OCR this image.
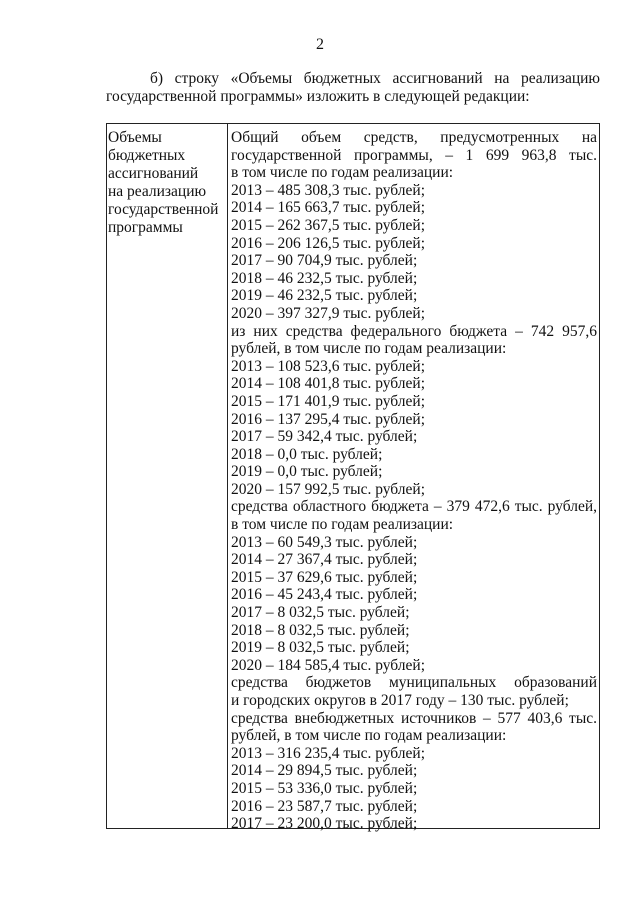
2
б) строку «Объемы бюджетных ассигнований на реализацию
государственной программы» изложить в следующей редакции:
Объемы
бюджетных
ассигнований
на реализацию
государственной
программы
Общий объем средств, предусмотренных на
государственной программы, – 1 699 963,8 тыс.
в том числе по годам реализации:
2013 – 485 308,3 тыс. рублей;
2014 – 165 663,7 тыс. рублей;
2015 – 262 367,5 тыс. рублей;
2016 – 206 126,5 тыс. рублей;
2017 – 90 704,9 тыс. рублей;
2018 – 46 232,5 тыс. рублей;
2019 – 46 232,5 тыс. рублей;
2020 – 397 327,9 тыс. рублей;
из них средства федерального бюджета – 742 957,6
рублей, в том числе по годам реализации:
2013 – 108 523,6 тыс. рублей;
2014 – 108 401,8 тыс. рублей;
2015 – 171 401,9 тыс. рублей;
2016 – 137 295,4 тыс. рублей;
2017 – 59 342,4 тыс. рублей;
2018 – 0,0 тыс. рублей;
2019 – 0,0 тыс. рублей;
2020 – 157 992,5 тыс. рублей;
средства областного бюджета – 379 472,6 тыс. рублей,
в том числе по годам реализации:
2013 – 60 549,3 тыс. рублей;
2014 – 27 367,4 тыс. рублей;
2015 – 37 629,6 тыс. рублей;
2016 – 45 243,4 тыс. рублей;
2017 – 8 032,5 тыс. рублей;
2018 – 8 032,5 тыс. рублей;
2019 – 8 032,5 тыс. рублей;
2020 – 184 585,4 тыс. рублей;
средства бюджетов муниципальных образований
и городских округов в 2017 году – 130 тыс. рублей;
средства внебюджетных источников – 577 403,6 тыс.
рублей, в том числе по годам реализации:
2013 – 316 235,4 тыс. рублей;
2014 – 29 894,5 тыс. рублей;
2015 – 53 336,0 тыс. рублей;
2016 – 23 587,7 тыс. рублей;
2017 – 23 200,0 тыс. рублей;
